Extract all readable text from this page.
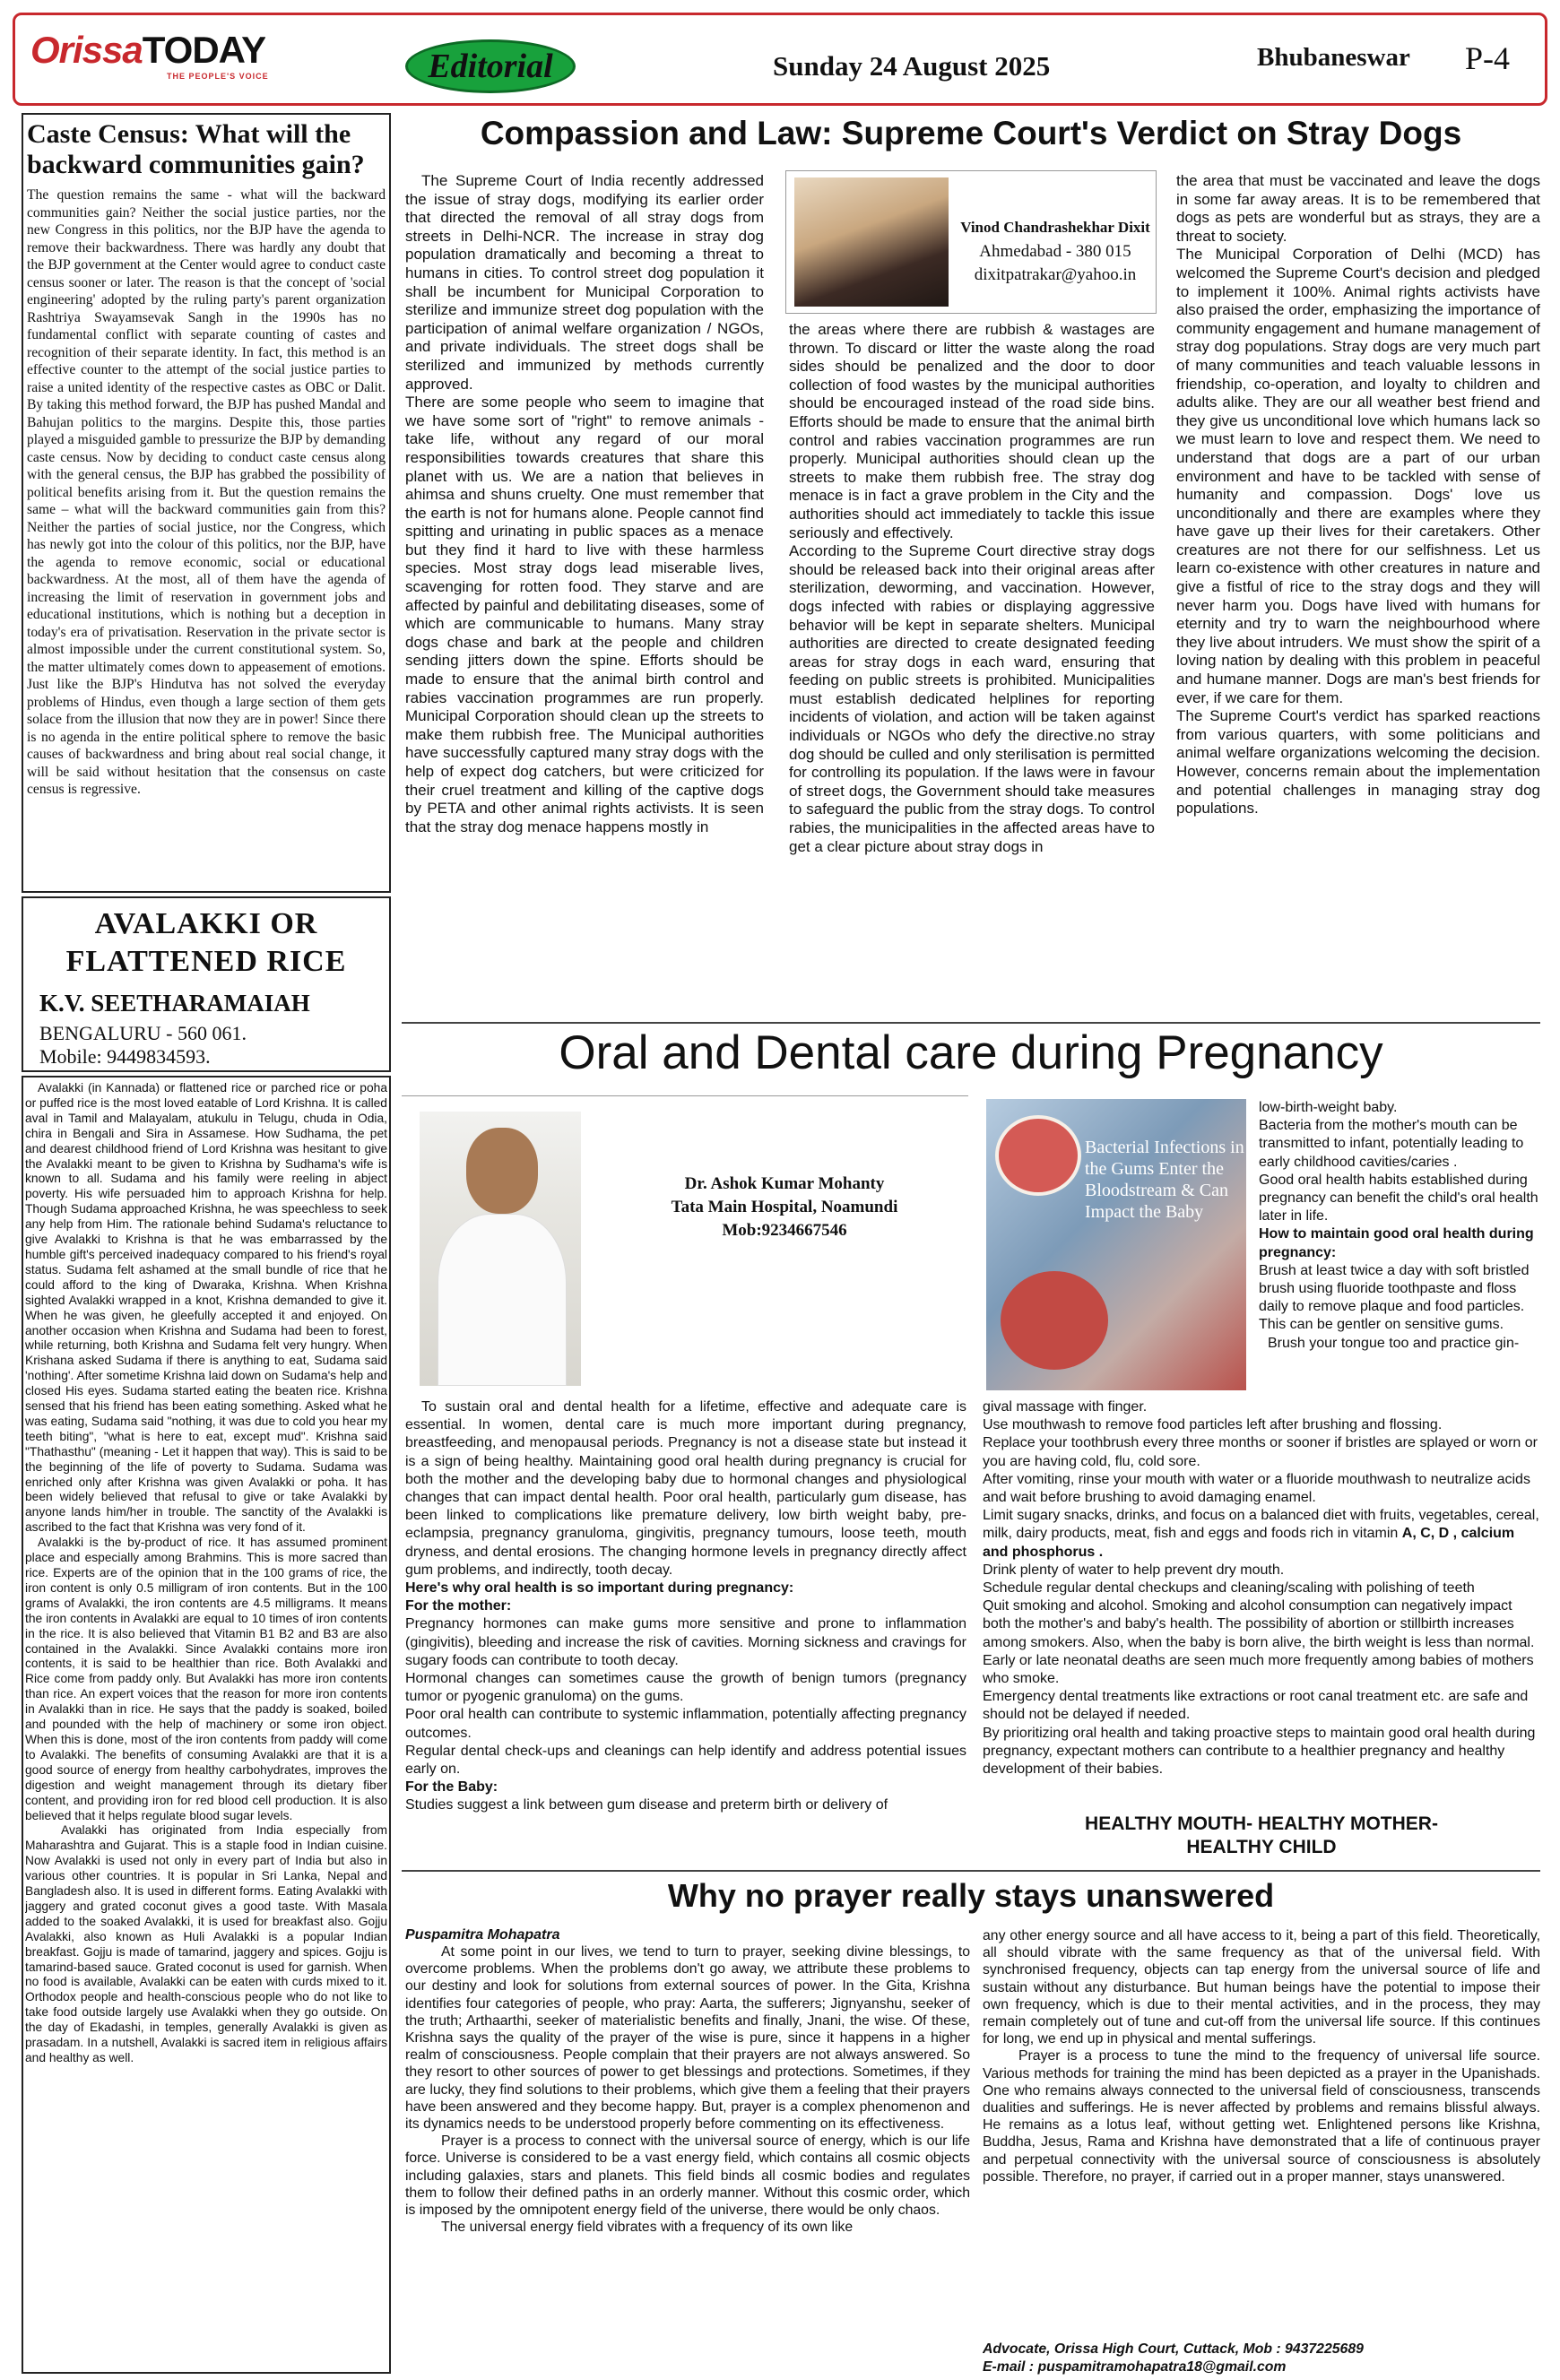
OrissaTODAY
THE PEOPLE'S VOICE	Editorial	Sunday 24 August 2025	Bhubaneswar P-4
Caste Census: What will the backward communities gain?
The question remains the same - what will the backward communities gain? Neither the social justice parties, nor the new Congress in this politics, nor the BJP have the agenda to remove their backwardness. There was hardly any doubt that the BJP government at the Center would agree to conduct caste census sooner or later. The reason is that the concept of 'social engineering' adopted by the ruling party's parent organization Rashtriya Swayamsevak Sangh in the 1990s has no fundamental conflict with separate counting of castes and recognition of their separate identity. In fact, this method is an effective counter to the attempt of the social justice parties to raise a united identity of the respective castes as OBC or Dalit. By taking this method forward, the BJP has pushed Mandal and Bahujan politics to the margins. Despite this, those parties played a misguided gamble to pressurize the BJP by demanding caste census. Now by deciding to conduct caste census along with the general census, the BJP has grabbed the possibility of political benefits arising from it. But the question remains the same – what will the backward communities gain from this? Neither the parties of social justice, nor the Congress, which has newly got into the colour of this politics, nor the BJP, have the agenda to remove economic, social or educational backwardness. At the most, all of them have the agenda of increasing the limit of reservation in government jobs and educational institutions, which is nothing but a deception in today's era of privatisation. Reservation in the private sector is almost impossible under the current constitutional system. So, the matter ultimately comes down to appeasement of emotions. Just like the BJP's Hindutva has not solved the everyday problems of Hindus, even though a large section of them gets solace from the illusion that now they are in power! Since there is no agenda in the entire political sphere to remove the basic causes of backwardness and bring about real social change, it will be said without hesitation that the consensus on caste census is regressive.
AVALAKKI OR
FLATTENED RICE
K.V. SEETHARAMAIAH
BENGALURU - 560 061.
Mobile: 9449834593.

Avalakki (in Kannada) or flattened rice or parched rice or poha or puffed rice is the most loved eatable of Lord Krishna. It is called aval in Tamil and Malayalam, atukulu in Telugu, chuda in Odia, chira in Bengali and Sira in Assamese. How Sudhama, the pet and dearest childhood friend of Lord Krishna was hesitant to give the Avalakki meant to be given to Krishna by Sudhama's wife is known to all. Sudama and his family were reeling in abject poverty. His wife persuaded him to approach Krishna for help. Though Sudama approached Krishna, he was speechless to seek any help from Him. The rationale behind Sudama's reluctance to give Avalakki to Krishna is that he was embarrassed by the humble gift's perceived inadequacy compared to his friend's royal status. Sudama felt ashamed at the small bundle of rice that he could afford to the king of Dwaraka, Krishna. When Krishna sighted Avalakki wrapped in a knot, Krishna demanded to give it. When he was given, he gleefully accepted it and enjoyed. On another occasion when Krishna and Sudama had been to forest, while returning, both Krishna and Sudama felt very hungry. When Krishana asked Sudama if there is anything to eat, Sudama said 'nothing'. After sometime Krishna laid down on Sudama's help and closed His eyes. Sudama started eating the beaten rice. Krishna sensed that his friend has been eating something. Asked what he was eating, Sudama said "nothing, it was due to cold you hear my teeth biting", "what is here to eat, except mud". Krishna said "Thathasthu" (meaning - Let it happen that way). This is said to be the beginning of the life of poverty to Sudama. Sudama was enriched only after Krishna was given Avalakki or poha. It has been widely believed that refusal to give or take Avalakki by anyone lands him/her in trouble. The sanctity of the Avalakki is ascribed to the fact that Krishna was very fond of it.

Avalakki is the by-product of rice. It has assumed prominent place and especially among Brahmins. This is more sacred than rice. Experts are of the opinion that in the 100 grams of rice, the iron content is only 0.5 milligram of iron contents. But in the 100 grams of Avalakki, the iron contents are 4.5 milligrams. It means the iron contents in Avalakki are equal to 10 times of iron contents in the rice. It is also believed that Vitamin B1 B2 and B3 are also contained in the Avalakki. Since Avalakki contains more iron contents, it is said to be healthier than rice. Both Avalakki and Rice come from paddy only. But Avalakki has more iron contents than rice. An expert voices that the reason for more iron contents in Avalakki than in rice. He says that the paddy is soaked, boiled and pounded with the help of machinery or some iron object. When this is done, most of the iron contents from paddy will come to Avalakki. The benefits of consuming Avalakki are that it is a good source of energy from healthy carbohydrates, improves the digestion and weight management through its dietary fiber content, and providing iron for red blood cell production. It is also believed that it helps regulate blood sugar levels.

Avalakki has originated from India especially from Maharashtra and Gujarat. This is a staple food in Indian cuisine. Now Avalakki is used not only in every part of India but also in various other countries. It is popular in Sri Lanka, Nepal and Bangladesh also. It is used in different forms. Eating Avalakki with jaggery and grated coconut gives a good taste. With Masala added to the soaked Avalakki, it is used for breakfast also. Gojju Avalakki, also known as Huli Avalakki is a popular Indian breakfast. Gojju is made of tamarind, jaggery and spices. Gojju is tamarind-based sauce. Grated coconut is used for garnish. When no food is available, Avalakki can be eaten with curds mixed to it. Orthodox people and health-conscious people who do not like to take food outside largely use Avalakki when they go outside. On the day of Ekadashi, in temples, generally Avalakki is given as prasadam. In a nutshell, Avalakki is sacred item in religious affairs and healthy as well.

Compassion and Law: Supreme Court's Verdict on Stray Dogs

The Supreme Court of India recently addressed the issue of stray dogs, modifying its earlier order that directed the removal of all stray dogs from streets in Delhi-NCR. The increase in stray dog population dramatically and becoming a threat to humans in cities. To control street dog population it shall be incumbent for Municipal Corporation to sterilize and immunize street dog population with the participation of animal welfare organization / NGOs, and private individuals. The street dogs shall be sterilized and immunized by methods currently approved.

There are some people who seem to imagine that we have some sort of "right" to remove animals - take life, without any regard of our moral responsibilities towards creatures that share this planet with us. We are a nation that believes in ahimsa and shuns cruelty. One must remember that the earth is not for humans alone. People cannot find spitting and urinating in public spaces as a menace but they find it hard to live with these harmless species. Most stray dogs lead miserable lives, scavenging for rotten food. They starve and are affected by painful and debilitating diseases, some of which are communicable to humans. Many stray dogs chase and bark at the people and children sending jitters down the spine. Efforts should be made to ensure that the animal birth control and rabies vaccination programmes are run properly. Municipal Corporation should clean up the streets to make them rubbish free. The Municipal authorities have successfully captured many stray dogs with the help of expect dog catchers, but were criticized for their cruel treatment and killing of the captive dogs by PETA and other animal rights activists. It is seen that the stray dog menace happens mostly in

Vinod Chandrashekhar Dixit
Ahmedabad - 380 015
dixitpatrakar@yahoo.in

the areas where there are rubbish & wastages are thrown. To discard or litter the waste along the road sides should be penalized and the door to door collection of food wastes by the municipal authorities should be encouraged instead of the road side bins. Efforts should be made to ensure that the animal birth control and rabies vaccination programmes are run properly. Municipal authorities should clean up the streets to make them rubbish free. The stray dog menace is in fact a grave problem in the City and the authorities should act immediately to tackle this issue seriously and effectively.

According to the Supreme Court directive stray dogs should be released back into their original areas after sterilization, deworming, and vaccination. However, dogs infected with rabies or displaying aggressive behavior will be kept in separate shelters. Municipal authorities are directed to create designated feeding areas for stray dogs in each ward, ensuring that feeding on public streets is prohibited. Municipalities must establish dedicated helplines for reporting incidents of violation, and action will be taken against individuals or NGOs who defy the directive.no stray dog should be culled and only sterilisation is permitted for controlling its population. If the laws were in favour of street dogs, the Government should take measures to safeguard the public from the stray dogs. To control rabies, the municipalities in the affected areas have to get a clear picture about stray dogs in

the area that must be vaccinated and leave the dogs in some far away areas. It is to be remembered that dogs as pets are wonderful but as strays, they are a threat to society.

The Municipal Corporation of Delhi (MCD) has welcomed the Supreme Court's decision and pledged to implement it 100%. Animal rights activists have also praised the order, emphasizing the importance of community engagement and humane management of stray dog populations. Stray dogs are very much part of many communities and teach valuable lessons in friendship, co-operation, and loyalty to children and adults alike. They are our all weather best friend and they give us unconditional love which humans lack so we must learn to love and respect them. We need to understand that dogs are a part of our urban environment and have to be tackled with sense of humanity and compassion. Dogs' love us unconditionally and there are examples where they have gave up their lives for their caretakers. Other creatures are not there for our selfishness. Let us learn co-existence with other creatures in nature and give a fistful of rice to the stray dogs and they will never harm you. Dogs have lived with humans for eternity and try to warn the neighbourhood where they live about intruders. We must show the spirit of a loving nation by dealing with this problem in peaceful and humane manner. Dogs are man's best friends for ever, if we care for them.

The Supreme Court's verdict has sparked reactions from various quarters, with some politicians and animal welfare organizations welcoming the decision. However, concerns remain about the implementation and potential challenges in managing stray dog populations.

Oral and Dental care during Pregnancy
Dr. Ashok Kumar Mohanty
Tata Main Hospital, Noamundi
Mob:9234667546
Bacterial Infections in the Gums Enter the Bloodstream & Can Impact the Baby

low-birth-weight baby.

Bacteria from the mother's mouth can be transmitted to infant, potentially leading to early childhood cavities/caries .

Good oral health habits established during pregnancy can benefit the child's oral health later in life.

How to maintain good oral health during pregnancy:

Brush at least twice a day with soft bristled brush using fluoride toothpaste and floss daily to remove plaque and food particles.

This can be gentler on sensitive gums.

Brush your tongue too and practice gin-

To sustain oral and dental health for a lifetime, effective and adequate care is essential. In women, dental care is much more important during pregnancy, breastfeeding, and menopausal periods. Pregnancy is not a disease state but instead it is a sign of being healthy. Maintaining good oral health during pregnancy is crucial for both the mother and the developing baby due to hormonal changes and physiological changes that can impact dental health. Poor oral health, particularly gum disease, has been linked to complications like premature delivery, low birth weight baby, pre-eclampsia, pregnancy granuloma, gingivitis, pregnancy tumours, loose teeth, mouth dryness, and dental erosions. The changing hormone levels in pregnancy directly affect gum problems, and indirectly, tooth decay.

Here's why oral health is so important during pregnancy:

For the mother:

Pregnancy hormones can make gums more sensitive and prone to inflammation (gingivitis), bleeding and increase the risk of cavities. Morning sickness and cravings for sugary foods can contribute to tooth decay.

Hormonal changes can sometimes cause the growth of benign tumors (pregnancy tumor or pyogenic granuloma) on the gums.

Poor oral health can contribute to systemic inflammation, potentially affecting pregnancy outcomes.

Regular dental check-ups and cleanings can help identify and address potential issues early on.

For the Baby:

Studies suggest a link between gum disease and preterm birth or delivery of

gival massage with finger.

Use mouthwash to remove food particles left after brushing and flossing.

Replace your toothbrush every three months or sooner if bristles are splayed or worn or you are having cold, flu, cold sore.

After vomiting, rinse your mouth with water or a fluoride mouthwash to neutralize acids and wait before brushing to avoid damaging enamel.

Limit sugary snacks, drinks, and focus on a balanced diet with fruits, vegetables, cereal, milk, dairy products, meat, fish and eggs and foods rich in vitamin A, C, D , calcium and phosphorus .

Drink plenty of water to help prevent dry mouth.

Schedule regular dental checkups and cleaning/scaling with polishing of teeth

Quit smoking and alcohol. Smoking and alcohol consumption can negatively impact both the mother's and baby's health. The possibility of abortion or stillbirth increases among smokers. Also, when the baby is born alive, the birth weight is less than normal. Early or late neonatal deaths are seen much more frequently among babies of mothers who smoke.

Emergency dental treatments like extractions or root canal treatment etc. are safe and should not be delayed if needed.

By prioritizing oral health and taking proactive steps to maintain good oral health during pregnancy, expectant mothers can contribute to a healthier pregnancy and healthy development of their babies.

HEALTHY MOUTH- HEALTHY MOTHER-
HEALTHY CHILD
Why no prayer really stays unanswered
Puspamitra Mohapatra

At some point in our lives, we tend to turn to prayer, seeking divine blessings, to overcome problems. When the problems don't go away, we attribute these problems to our destiny and look for solutions from external sources of power. In the Gita, Krishna identifies four categories of people, who pray: Aarta, the sufferers; Jignyanshu, seeker of the truth; Arthaarthi, seeker of materialistic benefits and finally, Jnani, the wise. Of these, Krishna says the quality of the prayer of the wise is pure, since it happens in a higher realm of consciousness. People complain that their prayers are not always answered. So they resort to other sources of power to get blessings and protections. Sometimes, if they are lucky, they find solutions to their problems, which give them a feeling that their prayers have been answered and they become happy. But, prayer is a complex phenomenon and its dynamics needs to be understood properly before commenting on its effectiveness.

Prayer is a process to connect with the universal source of energy, which is our life force. Universe is considered to be a vast energy field, which contains all cosmic objects including galaxies, stars and planets. This field binds all cosmic bodies and regulates them to follow their defined paths in an orderly manner. Without this cosmic order, which is imposed by the omnipotent energy field of the universe, there would be only chaos.

The universal energy field vibrates with a frequency of its own like

any other energy source and all have access to it, being a part of this field. Theoretically, all should vibrate with the same frequency as that of the universal field. With synchronised frequency, objects can tap energy from the universal source of life and sustain without any disturbance. But human beings have the potential to impose their own frequency, which is due to their mental activities, and in the process, they may remain completely out of tune and cut-off from the universal life source. If this continues for long, we end up in physical and mental sufferings.

Prayer is a process to tune the mind to the frequency of universal life source. Various methods for training the mind has been depicted as a prayer in the Upanishads. One who remains always connected to the universal field of consciousness, transcends dualities and sufferings. He is never affected by problems and remains blissful always. He remains as a lotus leaf, without getting wet. Enlightened persons like Krishna, Buddha, Jesus, Rama and Krishna have demonstrated that a life of continuous prayer and perpetual connectivity with the universal source of consciousness is absolutely possible. Therefore, no prayer, if carried out in a proper manner, stays unanswered.

Advocate, Orissa High Court, Cuttack, Mob : 9437225689
E-mail : puspamitramohapatra18@gmail.com
